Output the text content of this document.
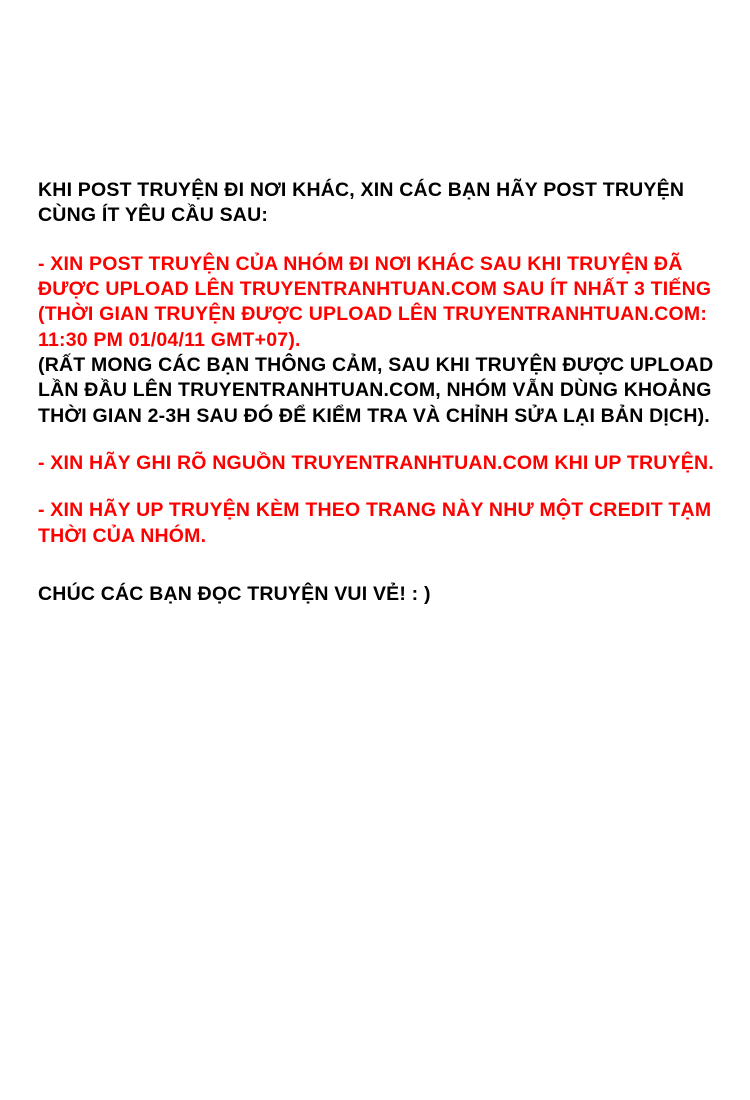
KHI POST TRUYỆN ĐI NƠI KHÁC, XIN CÁC BẠN HÃY POST TRUYỆN CÙNG ÍT YÊU CẦU SAU:
- XIN POST TRUYỆN CỦA NHÓM ĐI NƠI KHÁC SAU KHI TRUYỆN ĐÃ ĐƯỢC UPLOAD LÊN TRUYENTRANHTUAN.COM SAU ÍT NHẤT 3 TIẾNG (THỜI GIAN TRUYỆN ĐƯỢC UPLOAD LÊN TRUYENTRANHTUAN.COM: 11:30 PM 01/04/11 GMT+07).
(RẤT MONG CÁC BẠN THÔNG CẢM, SAU KHI TRUYỆN ĐƯỢC UPLOAD LẦN ĐẦU LÊN TRUYENTRANHTUAN.COM, NHÓM VẪN DÙNG KHOẢNG THỜI GIAN 2-3H SAU ĐÓ ĐỂ KIỂM TRA VÀ CHỈNH SỬA LẠI BẢN DỊCH).
- XIN HÃY GHI RÕ NGUỒN TRUYENTRANHTUAN.COM KHI UP TRUYỆN.
- XIN HÃY UP TRUYỆN KÈM THEO TRANG NÀY NHƯ MỘT CREDIT TẠM THỜI CỦA NHÓM.
CHÚC CÁC BẠN ĐỌC TRUYỆN VUI VẺ! : )
